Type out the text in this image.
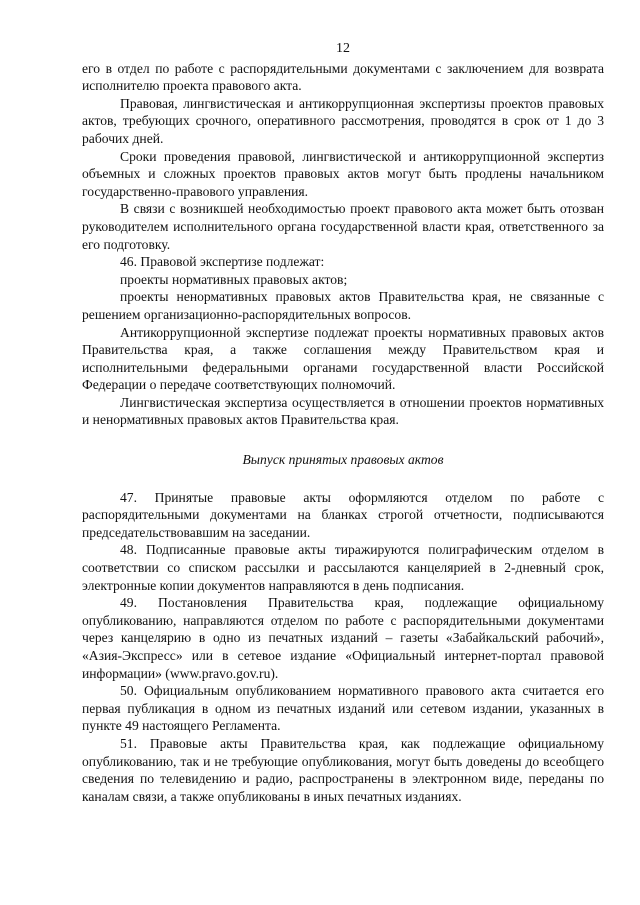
12

его в отдел по работе с распорядительными документами с заключением для возврата исполнителю проекта правового акта.

Правовая, лингвистическая и антикоррупционная экспертизы проектов правовых актов, требующих срочного, оперативного рассмотрения, проводятся в срок от 1 до 3 рабочих дней.

Сроки проведения правовой, лингвистической и антикоррупционной экспертиз объемных и сложных проектов правовых актов могут быть продлены начальником государственно-правового управления.

В связи с возникшей необходимостью проект правового акта может быть отозван руководителем исполнительного органа государственной власти края, ответственного за его подготовку.

46. Правовой экспертизе подлежат:

проекты нормативных правовых актов;

проекты ненормативных правовых актов Правительства края, не связанные с решением организационно-распорядительных вопросов.

Антикоррупционной экспертизе подлежат проекты нормативных правовых актов Правительства края, а также соглашения между Правительством края и исполнительными федеральными органами государственной власти Российской Федерации о передаче соответствующих полномочий.

Лингвистическая экспертиза осуществляется в отношении проектов нормативных и ненормативных правовых актов Правительства края.

Выпуск принятых правовых актов

47. Принятые правовые акты оформляются отделом по работе с распорядительными документами на бланках строгой отчетности, подписываются председательствовавшим на заседании.

48. Подписанные правовые акты тиражируются полиграфическим отделом в соответствии со списком рассылки и рассылаются канцелярией в 2-дневный срок, электронные копии документов направляются в день подписания.

49. Постановления Правительства края, подлежащие официальному опубликованию, направляются отделом по работе с распорядительными документами через канцелярию в одно из печатных изданий – газеты «Забайкальский рабочий», «Азия-Экспресс» или в сетевое издание «Официальный интернет-портал правовой информации» (www.pravo.gov.ru).

50. Официальным опубликованием нормативного правового акта считается его первая публикация в одном из печатных изданий или сетевом издании, указанных в пункте 49 настоящего Регламента.

51. Правовые акты Правительства края, как подлежащие официальному опубликованию, так и не требующие опубликования, могут быть доведены до всеобщего сведения по телевидению и радио, распространены в электронном виде, переданы по каналам связи, а также опубликованы в иных печатных изданиях.
